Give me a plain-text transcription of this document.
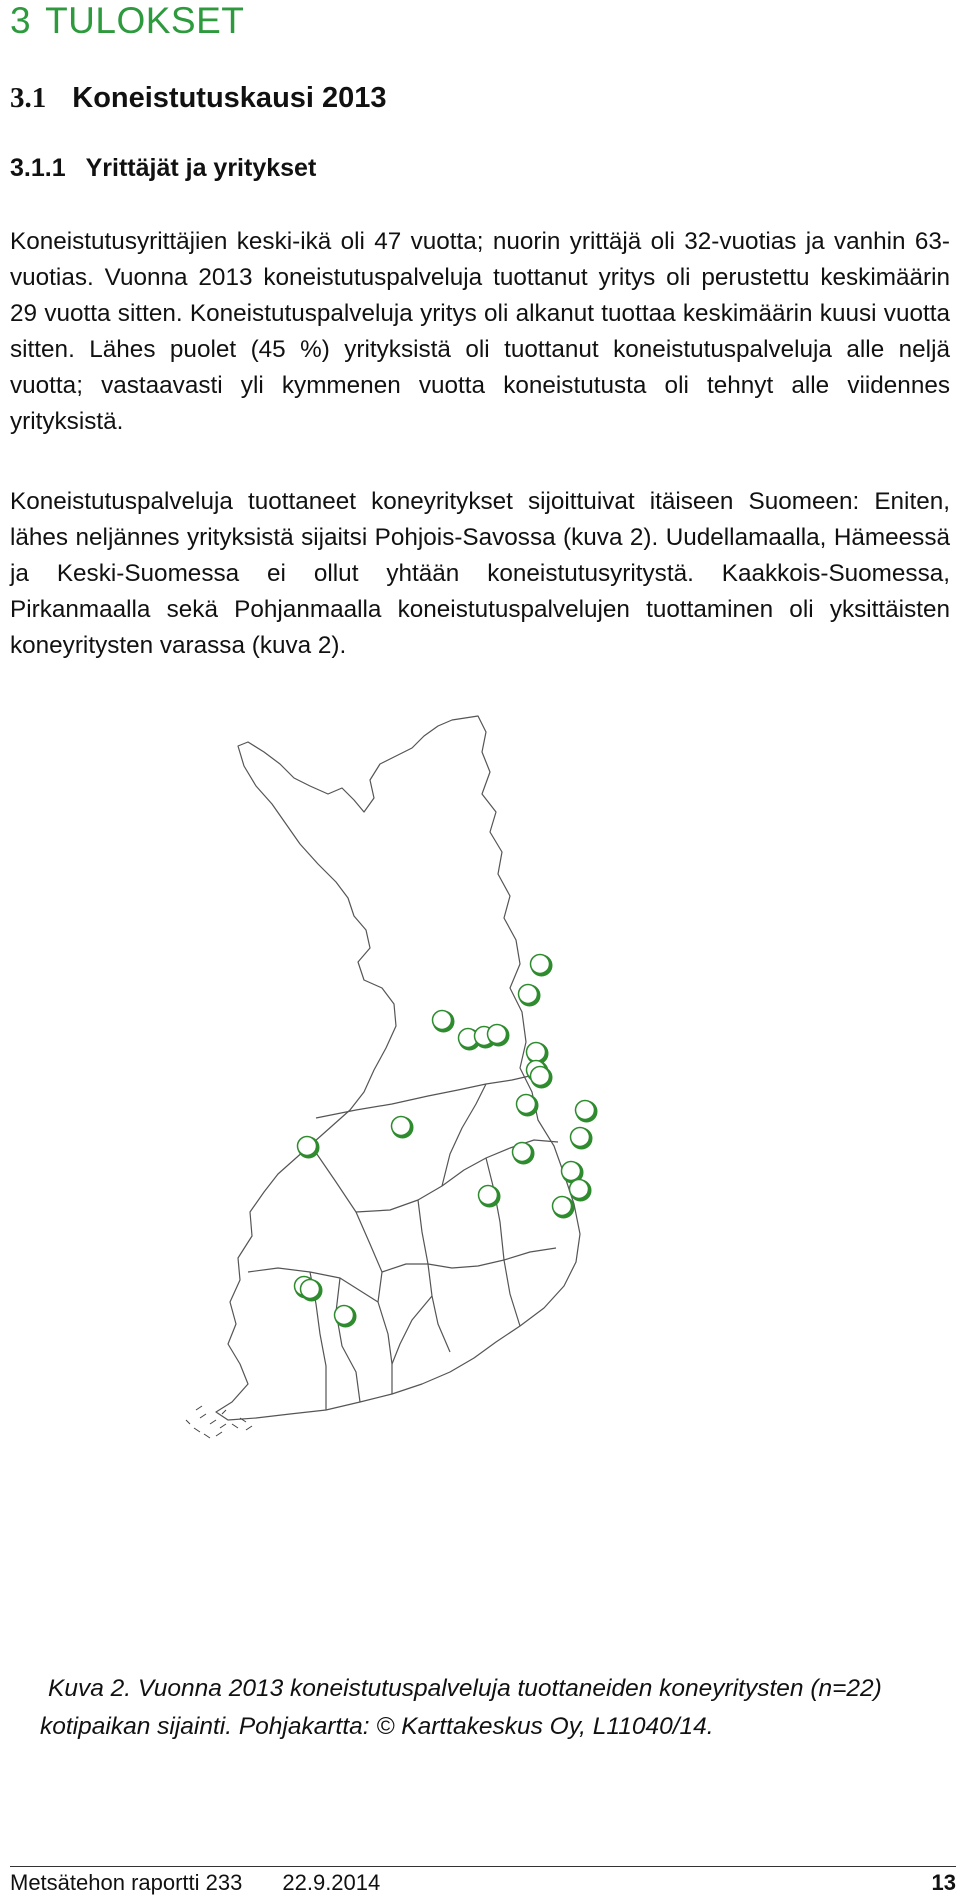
3 TULOKSET
3.1 Koneistutuskausi 2013
3.1.1 Yrittäjät ja yritykset

Koneistutusyrittäjien keski-ikä oli 47 vuotta; nuorin yrittäjä oli 32-vuotias ja vanhin 63-vuotias. Vuonna 2013 koneistutuspalveluja tuottanut yritys oli perustettu keskimäärin 29 vuotta sitten. Koneistutuspalveluja yritys oli alkanut tuottaa keskimäärin kuusi vuotta sitten. Lähes puolet (45 %) yrityksistä oli tuottanut koneistutuspalveluja alle neljä vuotta; vastaavasti yli kymmenen vuotta koneistutusta oli tehnyt alle viidennes yrityksistä.

Koneistutuspalveluja tuottaneet koneyritykset sijoittuivat itäiseen Suomeen: Eniten, lähes neljännes yrityksistä sijaitsi Pohjois-Savossa (kuva 2). Uudellamaalla, Hämeessä ja Keski-Suomessa ei ollut yhtään koneistutusyritystä. Kaakkois-Suomessa, Pirkanmaalla sekä Pohjanmaalla koneistutuspalvelujen tuottaminen oli yksittäisten koneyritysten varassa (kuva 2).

Kuva 2. Vuonna 2013 koneistutuspalveluja tuottaneiden koneyritysten (n=22) kotipaikan sijainti. Pohjakartta: © Karttakeskus Oy, L11040/14.

Metsätehon raportti 233 22.9.2014	13
